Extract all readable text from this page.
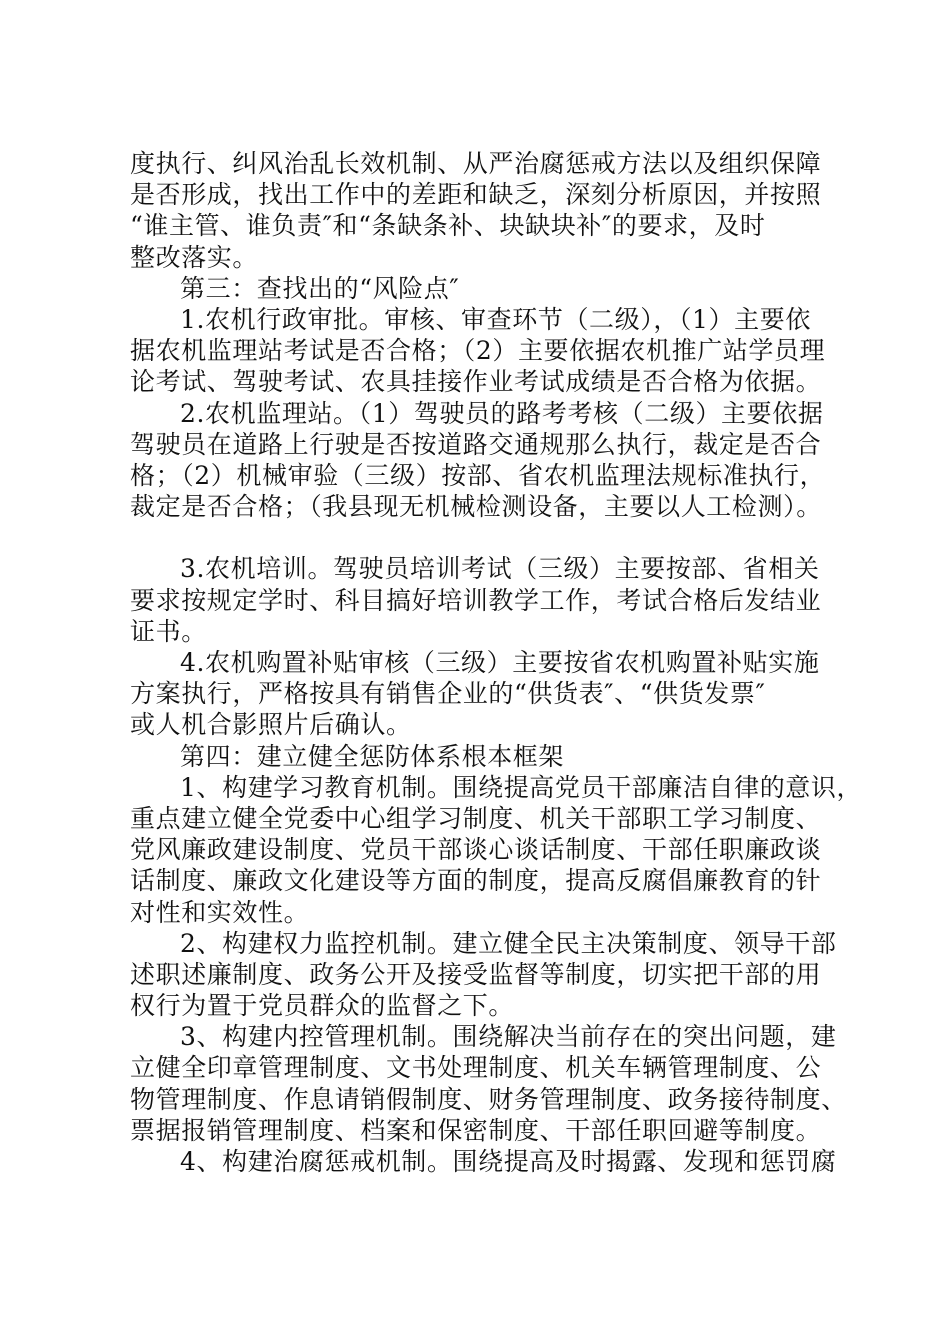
度执行、纠风治乱长效机制、从严治腐惩戒方法以及组织保障
是否形成，找出工作中的差距和缺乏，深刻分析原因，并按照
“谁主管、谁负责″和“条缺条补、块缺块补″的要求，及时
整改落实。
第三：查找出的“风险点″
1.农机行政审批。审核、审查环节（二级），（1）主要依
据农机监理站考试是否合格；（2）主要依据农机推广站学员理
论考试、驾驶考试、农具挂接作业考试成绩是否合格为依据。
2.农机监理站。（1）驾驶员的路考考核（二级）主要依据
驾驶员在道路上行驶是否按道路交通规那么执行，裁定是否合
格；（2）机械审验（三级）按部、省农机监理法规标准执行，
裁定是否合格；（我县现无机械检测设备，主要以人工检测）。
3.农机培训。驾驶员培训考试（三级）主要按部、省相关
要求按规定学时、科目搞好培训教学工作，考试合格后发结业
证书。
4.农机购置补贴审核（三级）主要按省农机购置补贴实施
方案执行，严格按具有销售企业的“供货表″、“供货发票″
或人机合影照片后确认。
第四：建立健全惩防体系根本框架
1、构建学习教育机制。围绕提高党员干部廉洁自律的意识，
重点建立健全党委中心组学习制度、机关干部职工学习制度、
党风廉政建设制度、党员干部谈心谈话制度、干部任职廉政谈
话制度、廉政文化建设等方面的制度，提高反腐倡廉教育的针
对性和实效性。
2、构建权力监控机制。建立健全民主决策制度、领导干部
述职述廉制度、政务公开及接受监督等制度，切实把干部的用
权行为置于党员群众的监督之下。
3、构建内控管理机制。围绕解决当前存在的突出问题，建
立健全印章管理制度、文书处理制度、机关车辆管理制度、公
物管理制度、作息请销假制度、财务管理制度、政务接待制度、
票据报销管理制度、档案和保密制度、干部任职回避等制度。
4、构建治腐惩戒机制。围绕提高及时揭露、发现和惩罚腐
